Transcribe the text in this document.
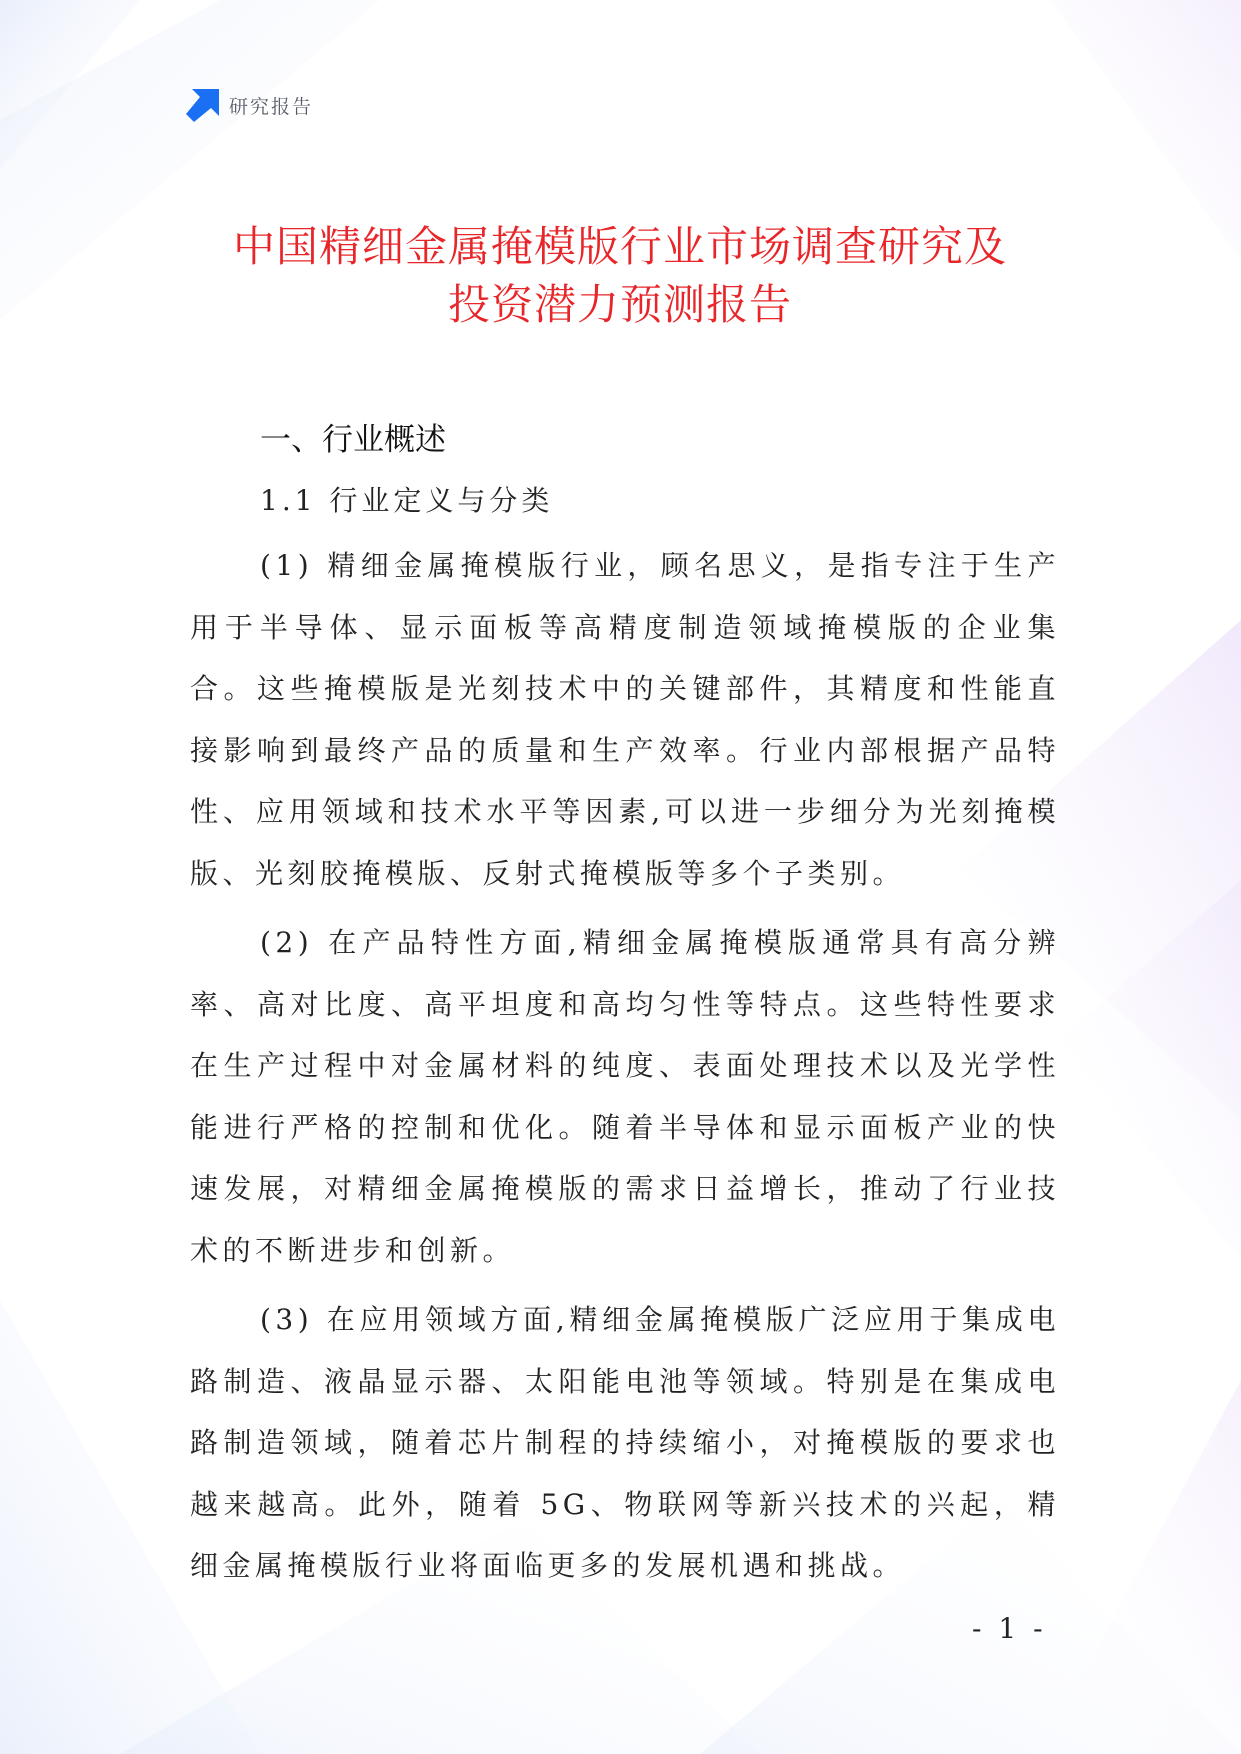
研究报告
中国精细金属掩模版行业市场调查研究及
投资潜力预测报告
一、行业概述
1.1 行业定义与分类

(1) 精细金属掩模版行业，顾名思义，是指专注于生产用于半导体、显示面板等高精度制造领域掩模版的企业集合。这些掩模版是光刻技术中的关键部件，其精度和性能直接影响到最终产品的质量和生产效率。行业内部根据产品特性、应用领域和技术水平等因素,可以进一步细分为光刻掩模版、光刻胶掩模版、反射式掩模版等多个子类别。

(2) 在产品特性方面,精细金属掩模版通常具有高分辨率、高对比度、高平坦度和高均匀性等特点。这些特性要求在生产过程中对金属材料的纯度、表面处理技术以及光学性能进行严格的控制和优化。随着半导体和显示面板产业的快速发展，对精细金属掩模版的需求日益增长，推动了行业技术的不断进步和创新。

(3) 在应用领域方面,精细金属掩模版广泛应用于集成电路制造、液晶显示器、太阳能电池等领域。特别是在集成电路制造领域，随着芯片制程的持续缩小，对掩模版的要求也越来越高。此外，随着 5G、物联网等新兴技术的兴起，精细金属掩模版行业将面临更多的发展机遇和挑战。

- 1 -
